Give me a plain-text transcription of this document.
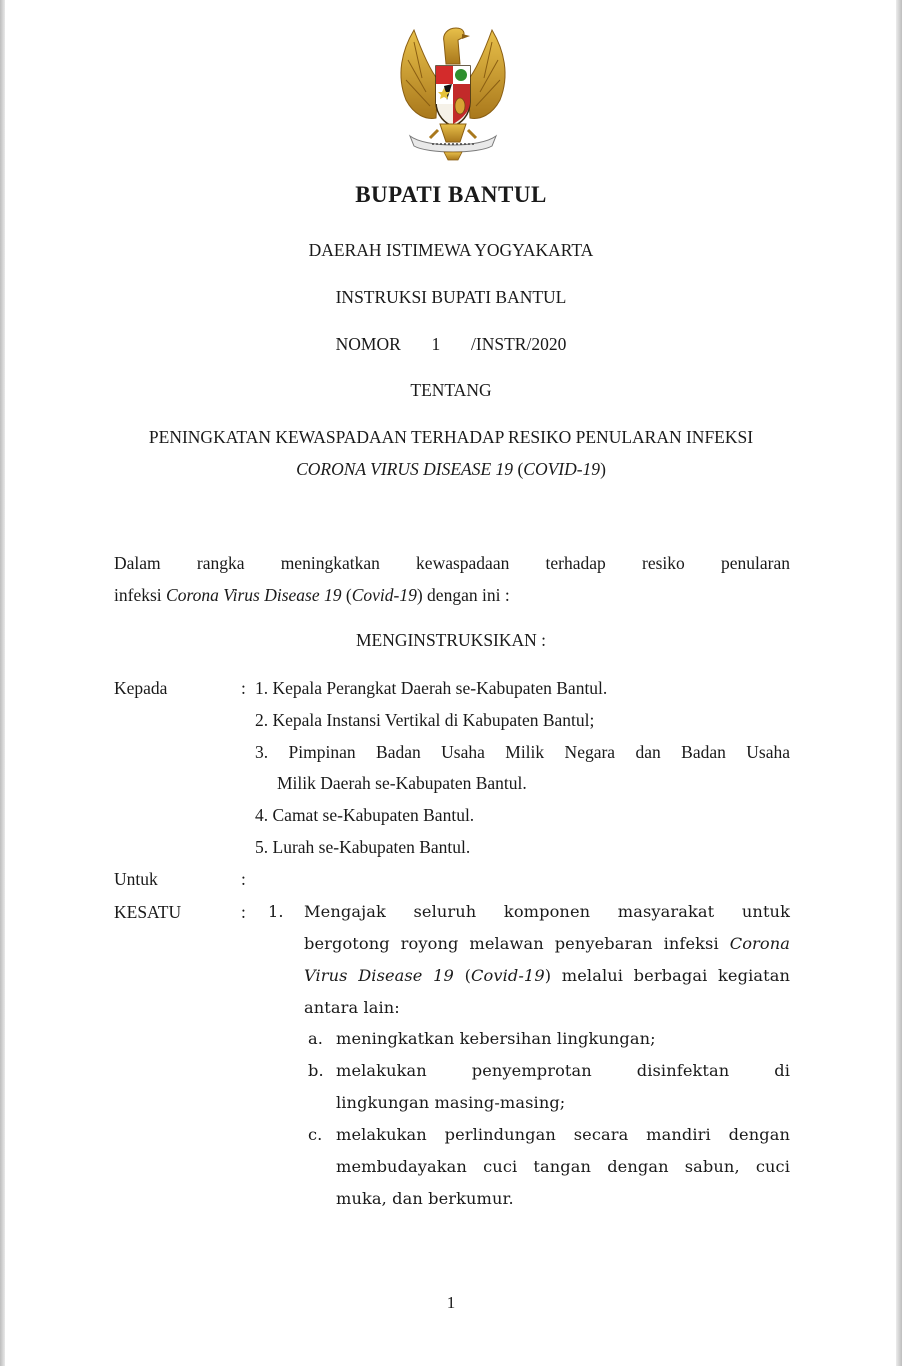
BUPATI BANTUL
DAERAH ISTIMEWA YOGYAKARTA
INSTRUKSI BUPATI BANTUL
NOMOR 1 /INSTR/2020
TENTANG
PENINGKATAN KEWASPADAAN TERHADAP RESIKO PENULARAN INFEKSI
CORONA VIRUS DISEASE 19 (COVID-19)
Dalam rangka meningkatkan kewaspadaan terhadap resiko penularan
infeksi Corona Virus Disease 19 (Covid-19) dengan ini :
MENGINSTRUKSIKAN :
Kepada	: 1. Kepala Perangkat Daerah se-Kabupaten Bantul.
2. Kepala Instansi Vertikal di Kabupaten Bantul;
3. Pimpinan Badan Usaha Milik Negara dan Badan Usaha
Milik Daerah se-Kabupaten Bantul.
4. Camat se-Kabupaten Bantul.
5. Lurah se-Kabupaten Bantul.
Untuk	:
KESATU	: 1. Mengajak seluruh komponen masyarakat untuk
bergotong royong melawan penyebaran infeksi Corona
Virus Disease 19 (Covid-19) melalui berbagai kegiatan
antara lain:
a. meningkatkan kebersihan lingkungan;
b. melakukan penyemprotan disinfektan di
lingkungan masing-masing;
c. melakukan perlindungan secara mandiri dengan
membudayakan cuci tangan dengan sabun, cuci
muka, dan berkumur.
1
